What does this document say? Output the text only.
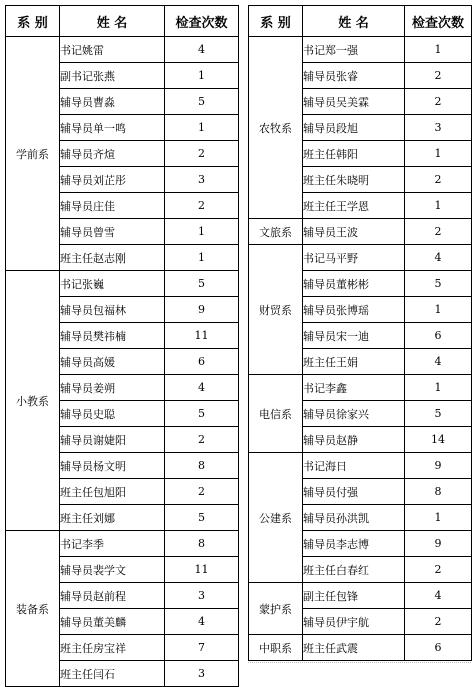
系 别	姓 名	检查次数
学前系	书记姚雷	4
	副书记张燕	1
	辅导员曹淼	5
	辅导员单一鸣	1
	辅导员齐煊	2
	辅导员刘芷彤	3
	辅导员庄佳	2
	辅导员曾雪	1
	班主任赵志刚	1
小教系	书记张巍	5
	辅导员包福林	9
	辅导员樊祎楠	11
	辅导员高媛	6
	辅导员姜朔	4
	辅导员史聪	5
	辅导员谢婕阳	2
	辅导员杨文明	8
	班主任包旭阳	2
	班主任刘娜	5
装备系	书记李季	8
	辅导员裴学文	11
	辅导员赵前程	3
	辅导员董美麟	4
	班主任房宝祥	7
	班主任闫石	3
系 别	姓 名	检查次数
农牧系	书记郑一强	1
	辅导员张睿	2
	辅导员吴美霖	2
	辅导员段旭	3
	班主任韩阳	1
	班主任朱晓明	2
	班主任王学恩	1
文旅系	辅导员王波	2
财贸系	书记马平野	4
	辅导员董彬彬	5
	辅导员张博瑶	1
	辅导员宋一迪	6
	班主任王娟	4
电信系	书记李鑫	1
	辅导员徐家兴	5
	辅导员赵静	14
公建系	书记海日	9
	辅导员付强	8
	辅导员孙洪凯	1
	辅导员李志博	9
	班主任白春红	2
蒙护系	副主任包锋	4
	辅导员伊宇航	2
中职系	班主任武震	6
